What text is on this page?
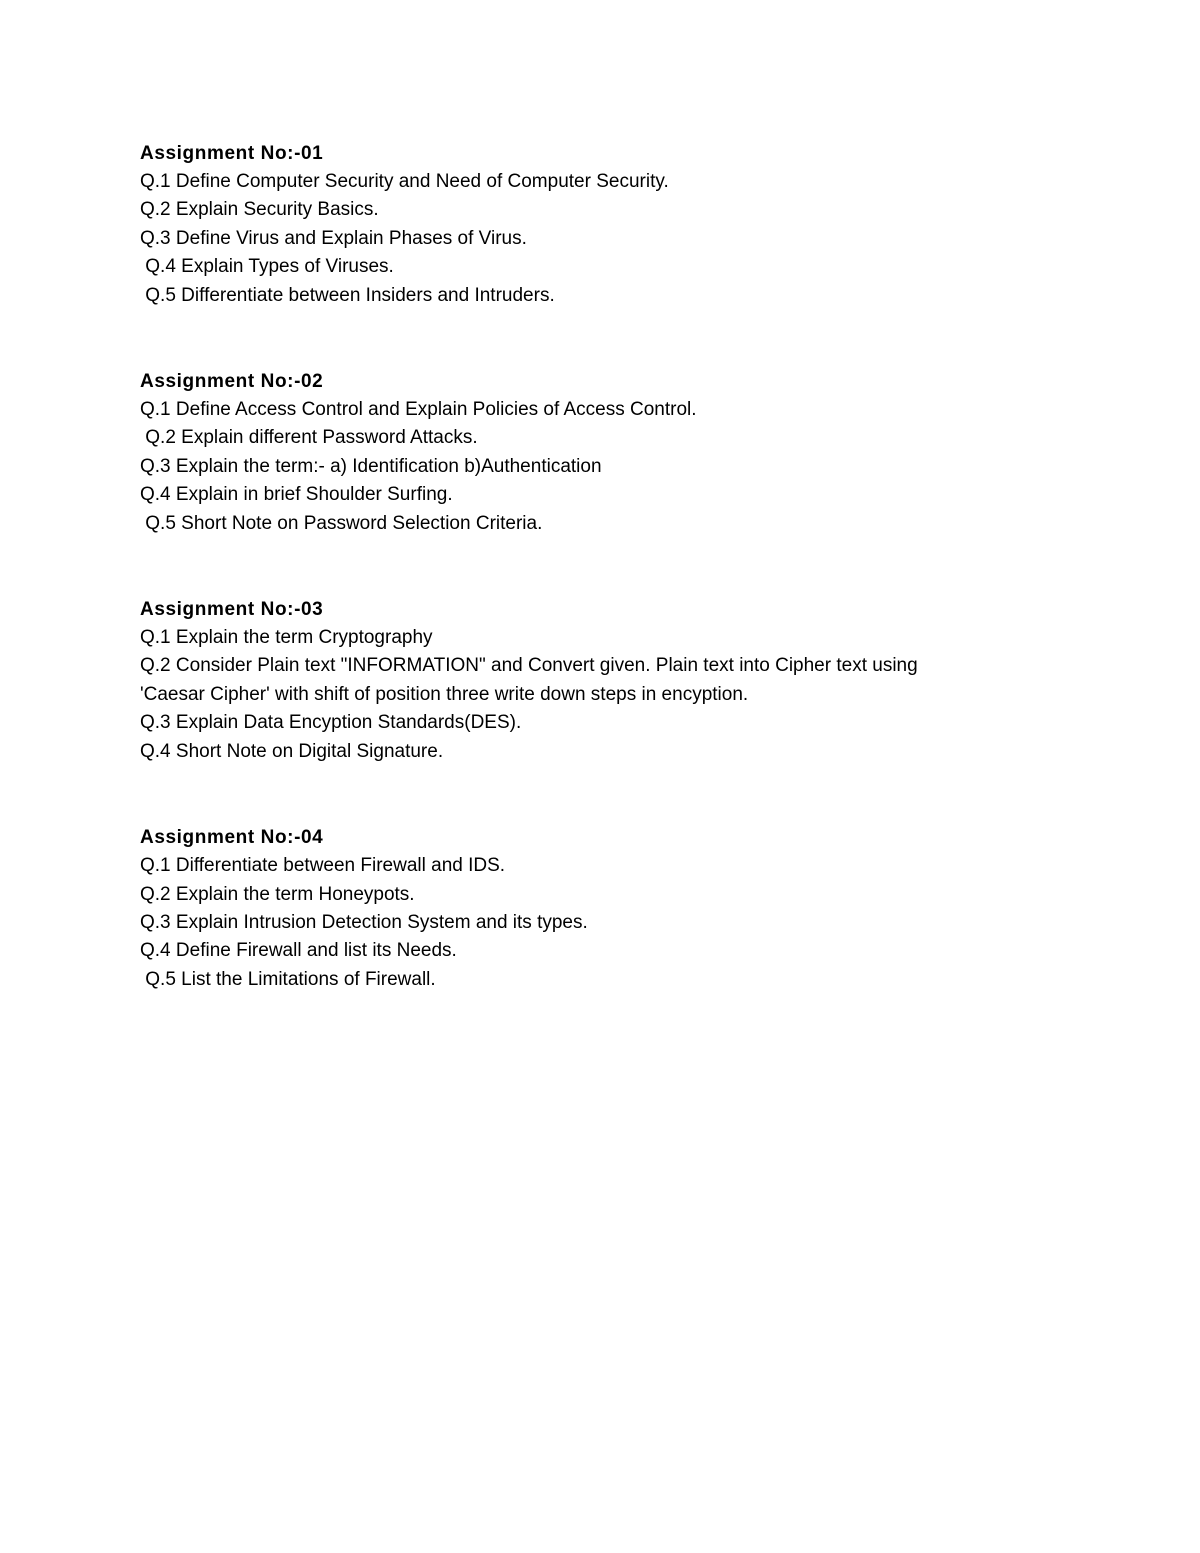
Assignment No:-01

Q.1 Define Computer Security and Need of Computer Security.

Q.2 Explain Security Basics.

Q.3 Define Virus and Explain Phases of Virus.

Q.4 Explain Types of Viruses.

Q.5 Differentiate between Insiders and Intruders.

Assignment No:-02

Q.1 Define Access Control and Explain Policies of Access Control.

Q.2 Explain different Password Attacks.

Q.3 Explain the term:- a) Identification b)Authentication

Q.4 Explain in brief Shoulder Surfing.

Q.5 Short Note on Password Selection Criteria.

Assignment No:-03

Q.1 Explain the term Cryptography

Q.2 Consider Plain text "INFORMATION" and Convert given. Plain text into Cipher text using

'Caesar Cipher' with shift of position three write down steps in encyption.

Q.3 Explain Data Encyption Standards(DES).

Q.4 Short Note on Digital Signature.

Assignment No:-04

Q.1 Differentiate between Firewall and IDS.

Q.2 Explain the term Honeypots.

Q.3 Explain Intrusion Detection System and its types.

Q.4 Define Firewall and list its Needs.

Q.5 List the Limitations of Firewall.
